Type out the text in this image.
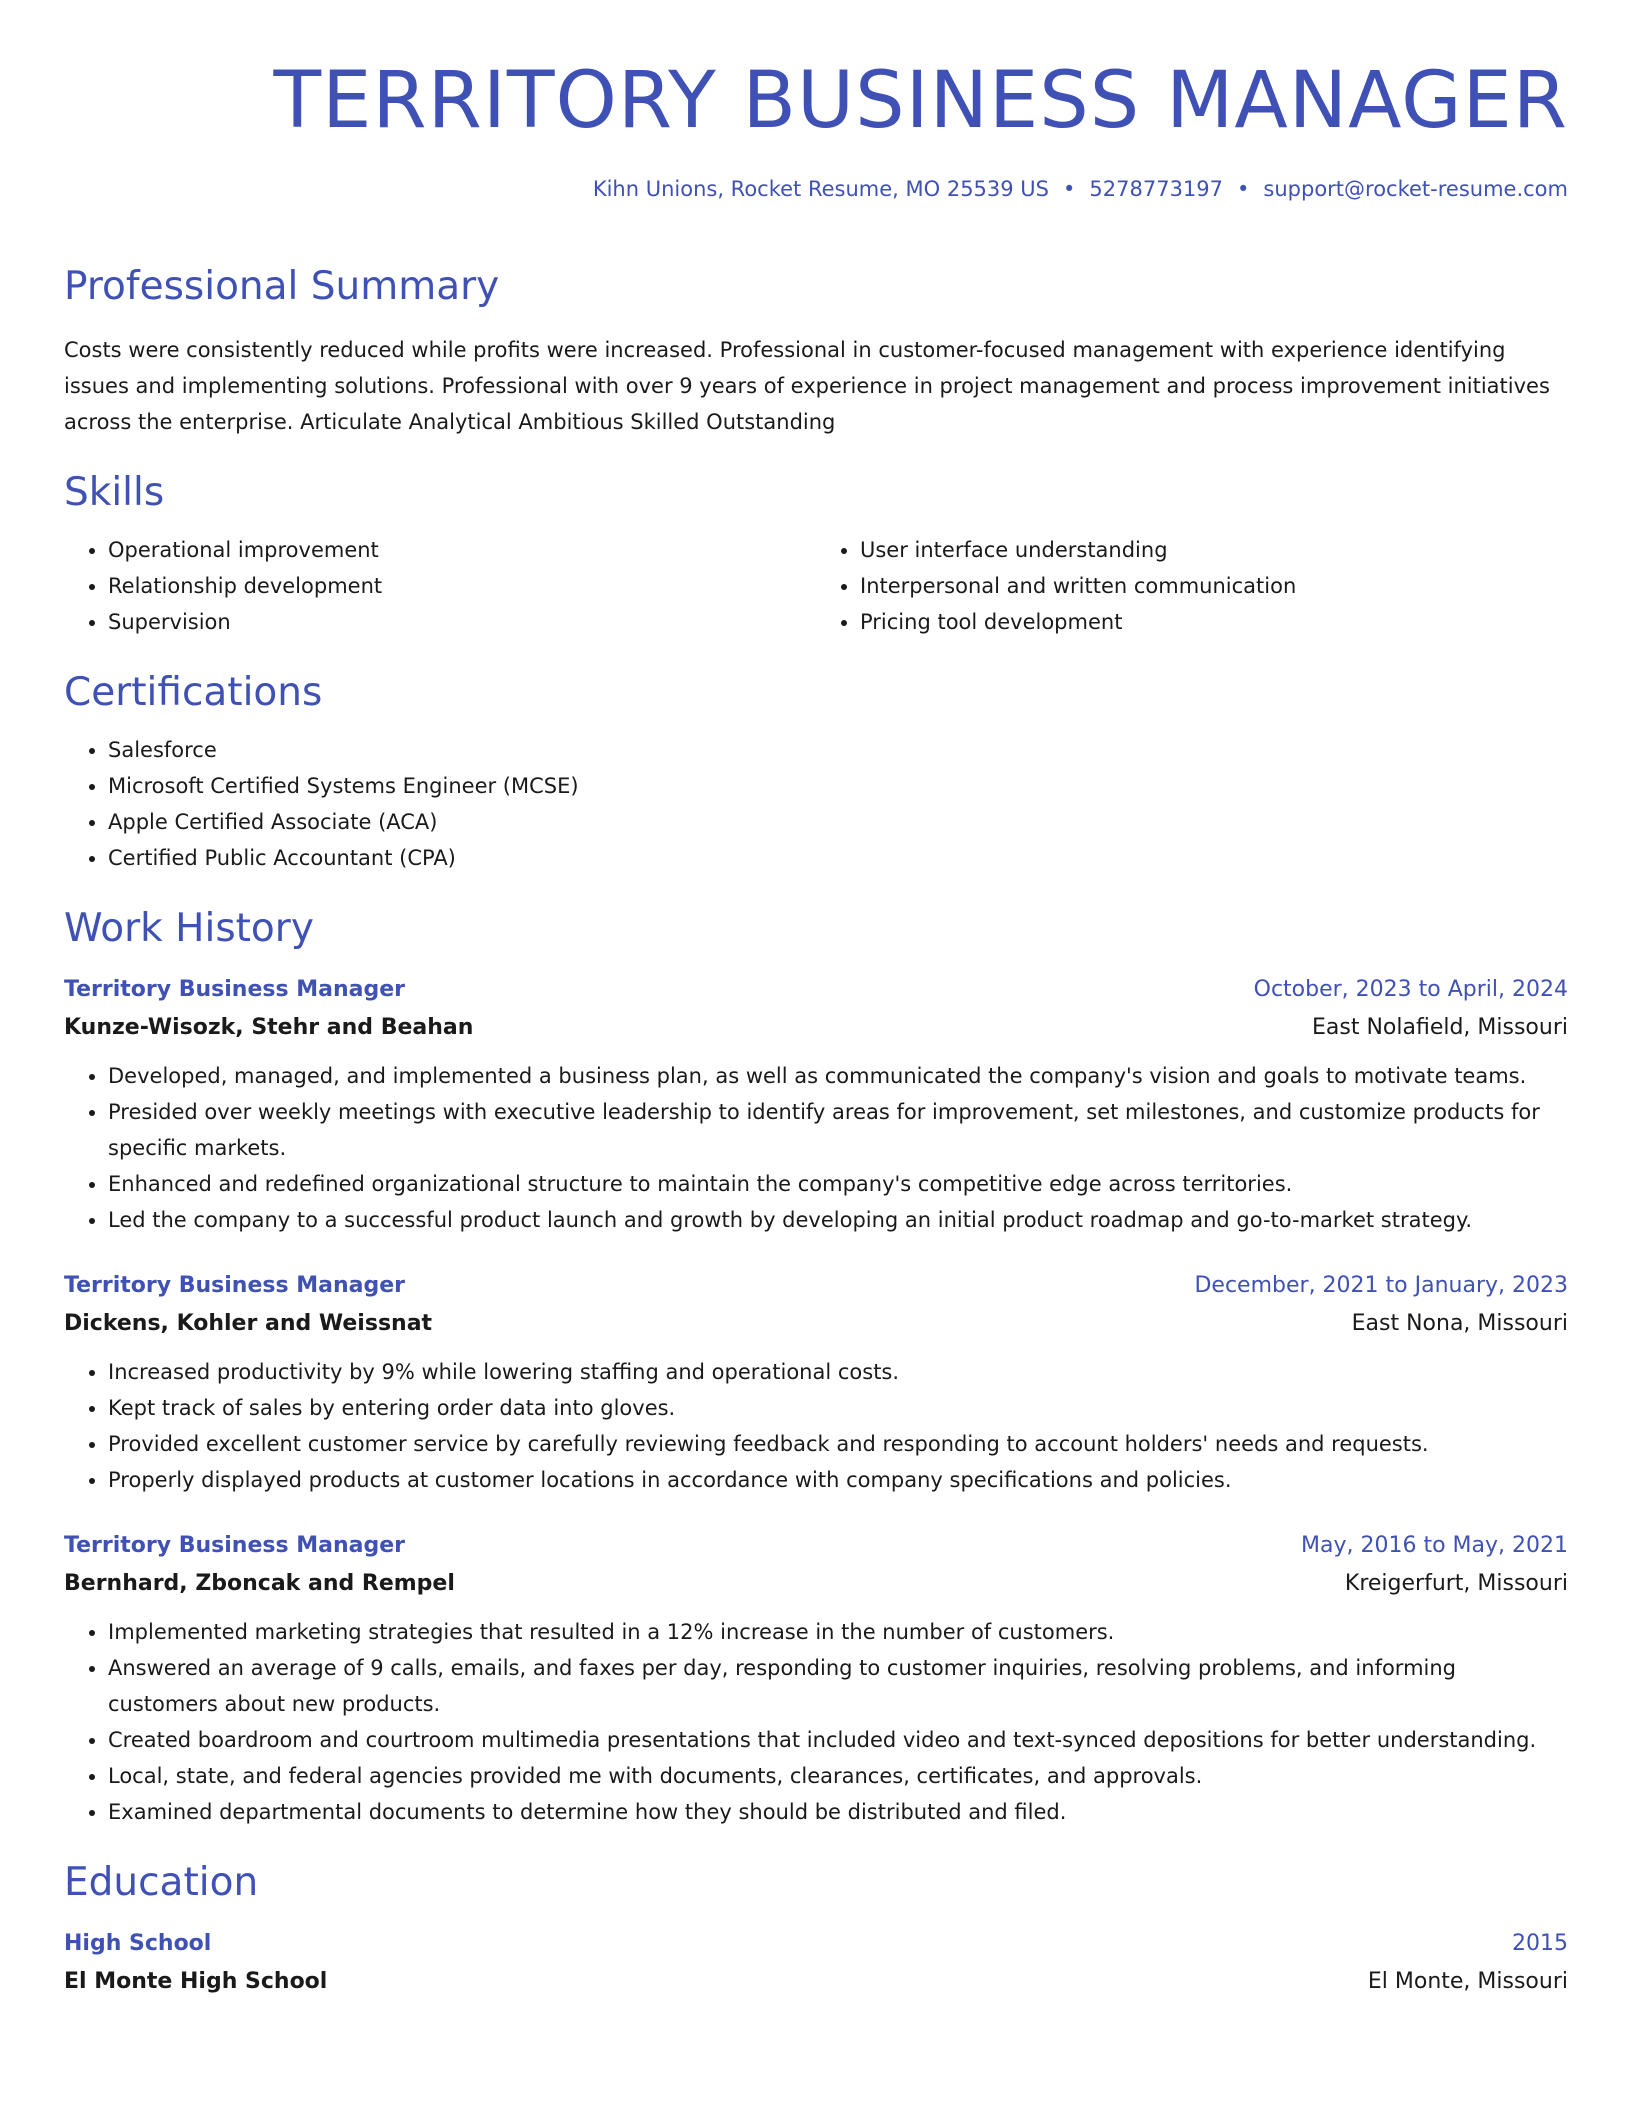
TERRITORY BUSINESS MANAGER
Kihn Unions, Rocket Resume, MO 25539 US • 5278773197 • support@rocket-resume.com
Professional Summary

Costs were consistently reduced while profits were increased. Professional in customer-focused management with experience identifying issues and implementing solutions. Professional with over 9 years of experience in project management and process improvement initiatives across the enterprise. Articulate Analytical Ambitious Skilled Outstanding

Skills
• Operational improvement
• Relationship development
• Supervision
• User interface understanding
• Interpersonal and written communication
• Pricing tool development
Certifications
• Salesforce
• Microsoft Certified Systems Engineer (MCSE)
• Apple Certified Associate (ACA)
• Certified Public Accountant (CPA)
Work History
Territory Business Manager	October, 2023 to April, 2024
Kunze-Wisozk, Stehr and Beahan	East Nolafield, Missouri
• Developed, managed, and implemented a business plan, as well as communicated the company's vision and goals to motivate teams.
• Presided over weekly meetings with executive leadership to identify areas for improvement, set milestones, and customize products for specific markets.
• Enhanced and redefined organizational structure to maintain the company's competitive edge across territories.
• Led the company to a successful product launch and growth by developing an initial product roadmap and go-to-market strategy.
Territory Business Manager	December, 2021 to January, 2023
Dickens, Kohler and Weissnat	East Nona, Missouri
• Increased productivity by 9% while lowering staffing and operational costs.
• Kept track of sales by entering order data into gloves.
• Provided excellent customer service by carefully reviewing feedback and responding to account holders' needs and requests.
• Properly displayed products at customer locations in accordance with company specifications and policies.
Territory Business Manager	May, 2016 to May, 2021
Bernhard, Zboncak and Rempel	Kreigerfurt, Missouri
• Implemented marketing strategies that resulted in a 12% increase in the number of customers.
• Answered an average of 9 calls, emails, and faxes per day, responding to customer inquiries, resolving problems, and informing customers about new products.
• Created boardroom and courtroom multimedia presentations that included video and text-synced depositions for better understanding.
• Local, state, and federal agencies provided me with documents, clearances, certificates, and approvals.
• Examined departmental documents to determine how they should be distributed and filed.
Education
High School	2015
El Monte High School	El Monte, Missouri
